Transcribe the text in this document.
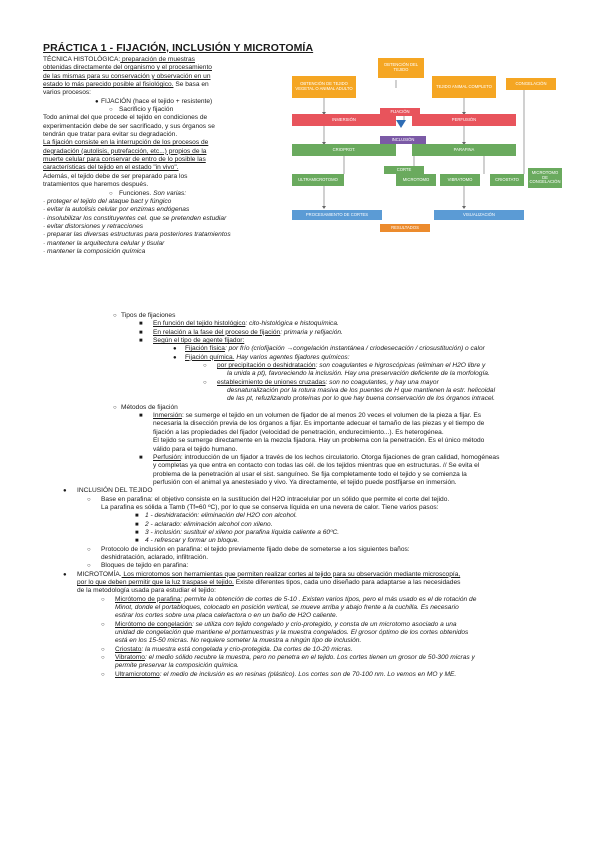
PRÁCTICA 1 - FIJACIÓN, INCLUSIÓN Y MICROTOMÍA
TÉCNICA HISTOLÓGICA: preparación de muestras
obtenidas directamente del organismo y el procesamiento
de las mismas para su conservación y observación en un
estado lo más parecido posible al fisiológico. Se basa en
varios procesos:
● FIJACIÓN (hace el tejido + resistente)
○ Sacrificio y fijación
Todo animal del que procede el tejido en condiciones de
experimentación debe de ser sacrificado, y sus órganos se
tendrán que tratar para evitar su degradación.
La fijación consiste en la interrupción de los procesos de
degradación (autolisis, putrefacción, etc...) propios de la
muerte celular para conservar de entro de lo posible las
características del tejido en el estado "in vivo".
Además, el tejido debe de ser preparado para los
tratamientos que haremos después.
○ Funciones. Son varias:
· proteger el tejido del ataque bact y fúngico
· evitar la autolisis celular por enzimas endógenas
· insolubilizar los constituyentes cel. que se pretenden estudiar
· evitar distorsiones y retracciones
· preparar las diversas estructuras para posteriores tratamientos
· mantener la arquitectura celular y tisular
· mantener la composición química
OBTENCIÓN DEL TEJIDO
OBTENCIÓN DE TEJIDO VEGETAL O ANIMAL ADULTO	TEJIDO ANIMAL COMPLETO
CONGELACIÓN
FIJACIÓN
INMERSIÓN	PERFUSIÓN
INCLUSIÓN
CRIOPROT.	PARAFINA
CORTE
ULTRAMICROTOMO	MICROTOMO	VIBRATOMO	CRIOSTATO
MICROTOMO DE CONGELACIÓN
PROCESAMIENTO DE CORTES	VISUALIZACIÓN
RESULTADOS
○ Tipos de fijaciones
■ En función del tejido histológico: cito-histológica e histoquímica.
■ En relación a la fase del proceso de fijación: primaria y refijación.
■ Según el tipo de agente fijador:
● Fijación física: por frío (criofijación →congelación instantánea / criodesecación / criosustitución) o calor
● Fijación química. Hay varios agentes fijadores químicos:
○ por precipitación o deshidratación: son coagulantes e higroscópicas (eliminan el H2O libre y
la unida a pt), favoreciendo la inclusión. Hay una preservación deficiente de la morfología.
○ establecimiento de uniones cruzadas: son no coagulantes, y hay una mayor
desnaturalización por la rotura masiva de los puentes de H que mantienen la estr. helicoidal
de las pt, refuzlizando proteínas por lo que hay buena conservación de los órganos intracel.
○ Métodos de fijación
■ Inmersión: se sumerge el tejido en un volumen de fijador de al menos 20 veces el volumen de la pieza a fijar. Es
necesaria la disección previa de los órganos a fijar. Es importante adecuar el tamaño de las piezas y el tiempo de
fijación a las propiedades del fijador (velocidad de penetración, endurecimiento...). Es heterogénea.
El tejido se sumerge directamente en la mezcla fijadora. Hay un problema con la penetración. Es el único método
válido para el tejido humano.
■ Perfusión: introducción de un fijador a través de los lechos circulatorio. Otorga fijaciones de gran calidad, homogéneas
y completas ya que entra en contacto con todas las cél. de los tejidos mientras que en estructuras. // Se evita el
problema de la penetración al usar el sist. sanguíneo. Se fija completamente todo el tejido y se comienza la
perfusión con el animal ya anestesiado y vivo. Ya directamente, el tejido puede postfijarse en inmersión.
● INCLUSIÓN DEL TEJIDO
○ Base en parafina: el objetivo consiste en la sustitución del H2O intracelular por un sólido que permite el corte del tejido.
La parafina es sólida a Tamb (Tf=60 ºC), por lo que se conserva líquida en una nevera de calor. Tiene varios pasos:
■ 1 - deshidratación: eliminación del H2O con alcohol.
■ 2 - aclarado: eliminación alcohol con xileno.
■ 3 - inclusión: sustituir el xileno por parafina líquida caliente a 60ºC.
■ 4 - refrescar y formar un bloque.
○ Protocolo de inclusión en parafina: el tejido previamente fijado debe de someterse a los siguientes baños:
deshidratación, aclarado, infiltración.
○ Bloques de tejido en parafina:
● MICROTOMÍA. Los microtomos son herramientas que permiten realizar cortes al tejido para su observación mediante microscopía,
por lo que deben permitir que la luz traspase el tejido. Existe diferentes tipos, cada uno diseñado para adaptarse a las necesidades
de la metodología usada para estudiar el tejido:
○ Micrótomo de parafina: permite la obtención de cortes de 5-10 . Existen varios tipos, pero el más usado es el de rotación de
Minot, donde el portabloques, colocado en posición vertical, se mueve arriba y abajo frente a la cuchilla. Es necesario
estirar los cortes sobre una placa calefactora o en un baño de H2O caliente.
○ Micrótomo de congelación: se utiliza con tejido congelado y crio-protegido, y consta de un microtomo asociado a una
unidad de congelación que mantiene el portamuestras y la muestra congelados. El grosor óptimo de los cortes obtenidos
está en los 15-50 micras. No requiere someter la muestra a ningún tipo de inclusión.
○ Criostato: la muestra está congelada y crio-protegida. Da cortes de 10-20 micras.
○ Vibratomo: el medio sólido recubre la muestra, pero no penetra en el tejido. Los cortes tienen un grosor de 50-300 micras y
permite preservar la composición química.
○ Ultramicrotomo: el medio de inclusión es en resinas (plástico). Los cortes son de 70-100 nm. Lo vemos en MO y ME.
